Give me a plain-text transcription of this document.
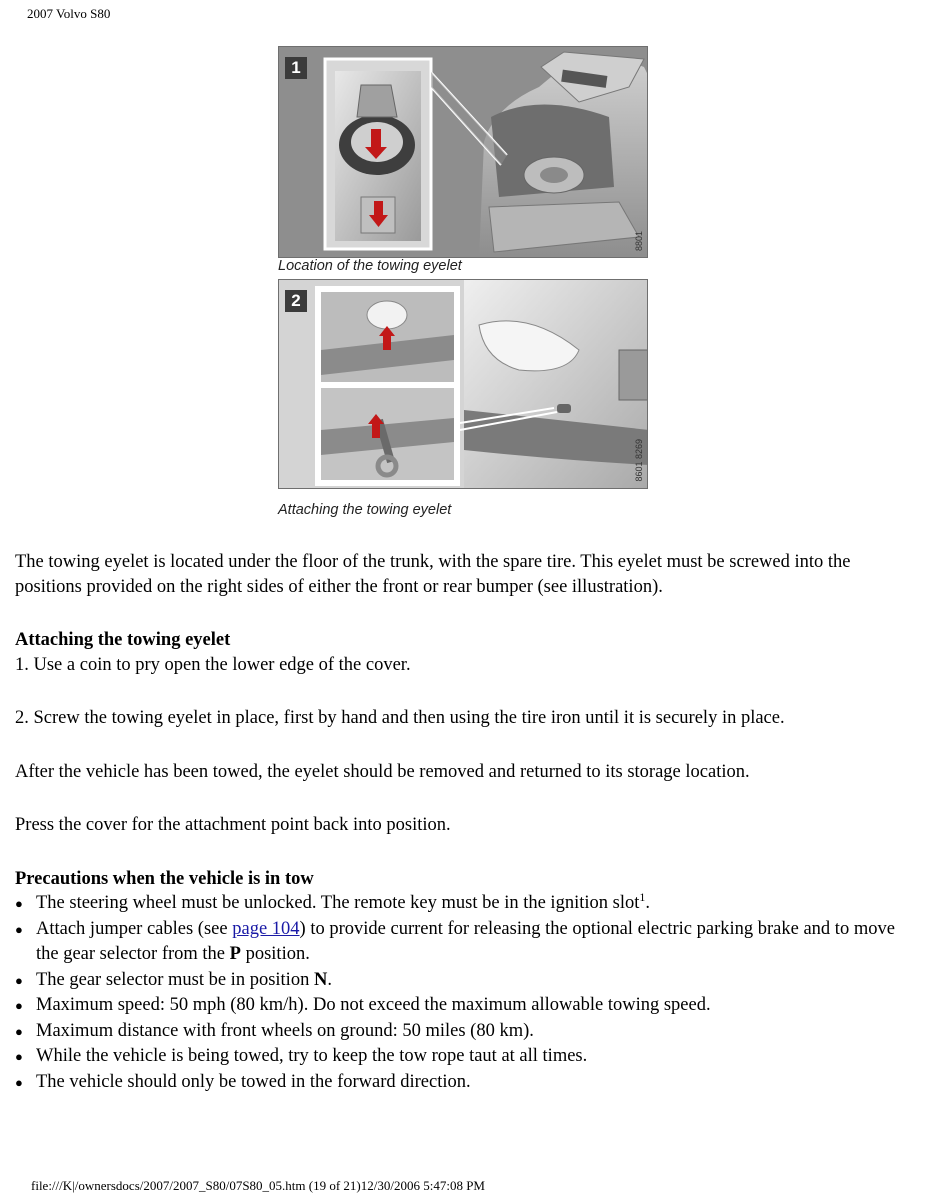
2007 Volvo S80
1
8801
Location of the towing eyelet
2
8601 8269
Attaching the towing eyelet

The towing eyelet is located under the floor of the trunk, with the spare tire. This eyelet must be screwed into the positions provided on the right sides of either the front or rear bumper (see illustration).

Attaching the towing eyelet

1. Use a coin to pry open the lower edge of the cover.

2. Screw the towing eyelet in place, first by hand and then using the tire iron until it is securely in place.

After the vehicle has been towed, the eyelet should be removed and returned to its storage location.

Press the cover for the attachment point back into position.

Precautions when the vehicle is in tow

● The steering wheel must be unlocked. The remote key must be in the ignition slot$^1$.
● Attach jumper cables (see page 104) to provide current for releasing the optional electric parking brake and to move the gear selector from the P position.
● The gear selector must be in position N.
● Maximum speed: 50 mph (80 km/h). Do not exceed the maximum allowable towing speed.
● Maximum distance with front wheels on ground: 50 miles (80 km).
● While the vehicle is being towed, try to keep the tow rope taut at all times.
● The vehicle should only be towed in the forward direction.
file:///K|/ownersdocs/2007/2007_S80/07S80_05.htm (19 of 21)12/30/2006 5:47:08 PM
